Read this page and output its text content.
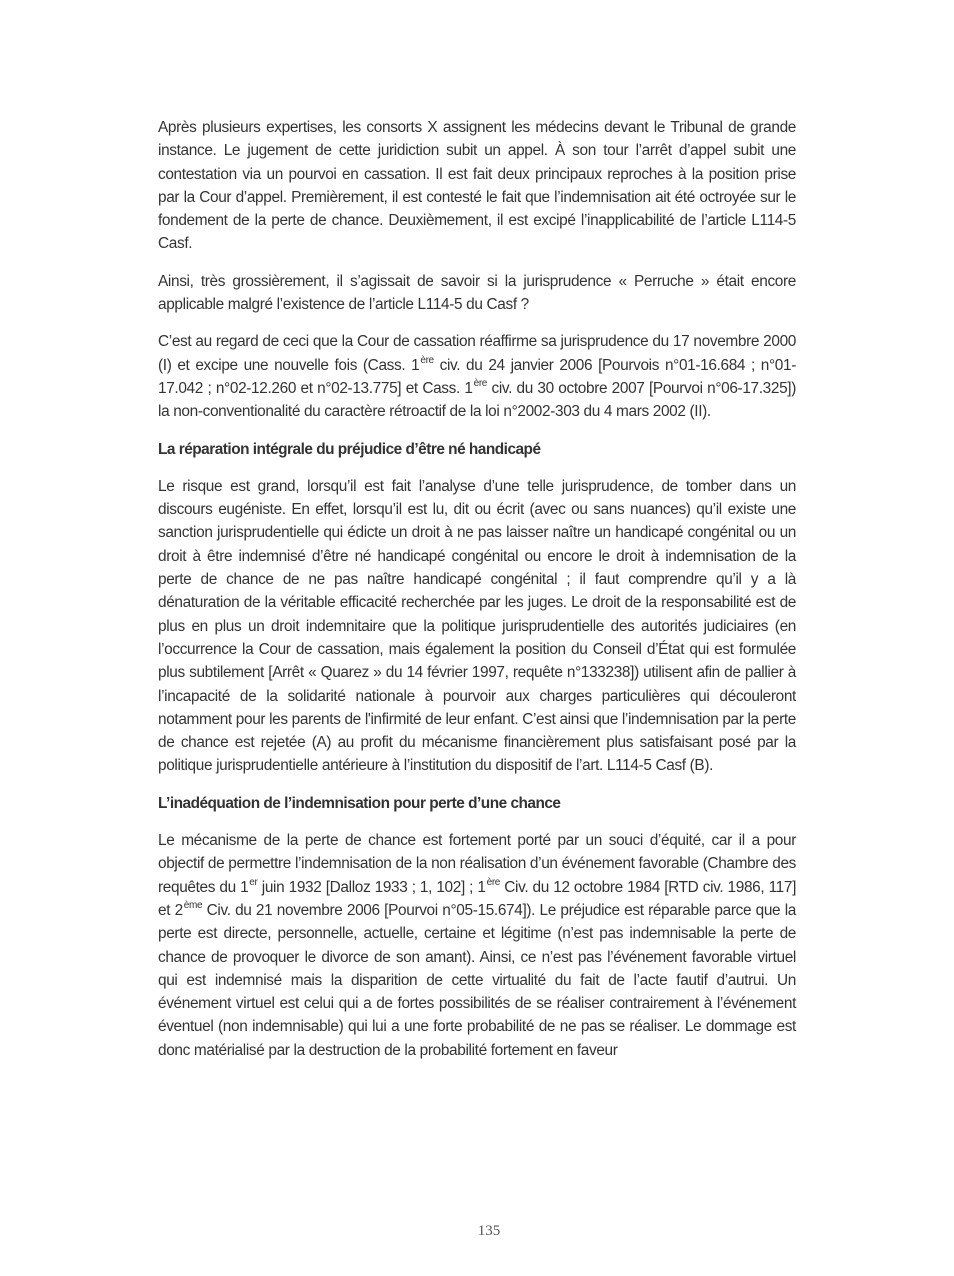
Après plusieurs expertises, les consorts X assignent les médecins devant le Tribunal de grande instance. Le jugement de cette juridiction subit un appel. À son tour l’arrêt d’appel subit une contestation via un pourvoi en cassation. Il est fait deux principaux reproches à la position prise par la Cour d’appel. Premièrement, il est contesté le fait que l’indemnisation ait été octroyée sur le fondement de la perte de chance. Deuxièmement, il est excipé l’inapplicabilité de l’article L114-5 Casf.

Ainsi, très grossièrement, il s’agissait de savoir si la jurisprudence « Perruche » était encore applicable malgré l’existence de l’article L114-5 du Casf ?

C’est au regard de ceci que la Cour de cassation réaffirme sa jurisprudence du 17 novembre 2000 (I) et excipe une nouvelle fois (Cass. 1ère civ. du 24 janvier 2006 [Pourvois n°01-16.684 ; n°01-17.042 ; n°02-12.260 et n°02-13.775] et Cass. 1ère civ. du 30 octobre 2007 [Pourvoi n°06-17.325]) la non-conventionalité du caractère rétroactif de la loi n°2002-303 du 4 mars 2002 (II).

La réparation intégrale du préjudice d’être né handicapé

Le risque est grand, lorsqu’il est fait l’analyse d’une telle jurisprudence, de tomber dans un discours eugéniste. En effet, lorsqu’il est lu, dit ou écrit (avec ou sans nuances) qu’il existe une sanction jurisprudentielle qui édicte un droit à ne pas laisser naître un handicapé congénital ou un droit à être indemnisé d’être né handicapé congénital ou encore le droit à indemnisation de la perte de chance de ne pas naître handicapé congénital ; il faut comprendre qu’il y a là dénaturation de la véritable efficacité recherchée par les juges. Le droit de la responsabilité est de plus en plus un droit indemnitaire que la politique jurisprudentielle des autorités judiciaires (en l’occurrence la Cour de cassation, mais également la position du Conseil d’État qui est formulée plus subtilement [Arrêt « Quarez » du 14 février 1997, requête n°133238]) utilisent afin de pallier à l’incapacité de la solidarité nationale à pourvoir aux charges particulières qui découleront notamment pour les parents de l'infirmité de leur enfant. C’est ainsi que l’indemnisation par la perte de chance est rejetée (A) au profit du mécanisme financièrement plus satisfaisant posé par la politique jurisprudentielle antérieure à l’institution du dispositif de l’art. L114-5 Casf (B).

L’inadéquation de l’indemnisation pour perte d’une chance

Le mécanisme de la perte de chance est fortement porté par un souci d’équité, car il a pour objectif de permettre l’indemnisation de la non réalisation d’un événement favorable (Chambre des requêtes du 1er juin 1932 [Dalloz 1933 ; 1, 102] ; 1ère Civ. du 12 octobre 1984 [RTD civ. 1986, 117] et 2ème Civ. du 21 novembre 2006 [Pourvoi n°05-15.674]). Le préjudice est réparable parce que la perte est directe, personnelle, actuelle, certaine et légitime (n’est pas indemnisable la perte de chance de provoquer le divorce de son amant). Ainsi, ce n’est pas l’événement favorable virtuel qui est indemnisé mais la disparition de cette virtualité du fait de l’acte fautif d’autrui. Un événement virtuel est celui qui a de fortes possibilités de se réaliser contrairement à l’événement éventuel (non indemnisable) qui lui a une forte probabilité de ne pas se réaliser. Le dommage est donc matérialisé par la destruction de la probabilité fortement en faveur

135
